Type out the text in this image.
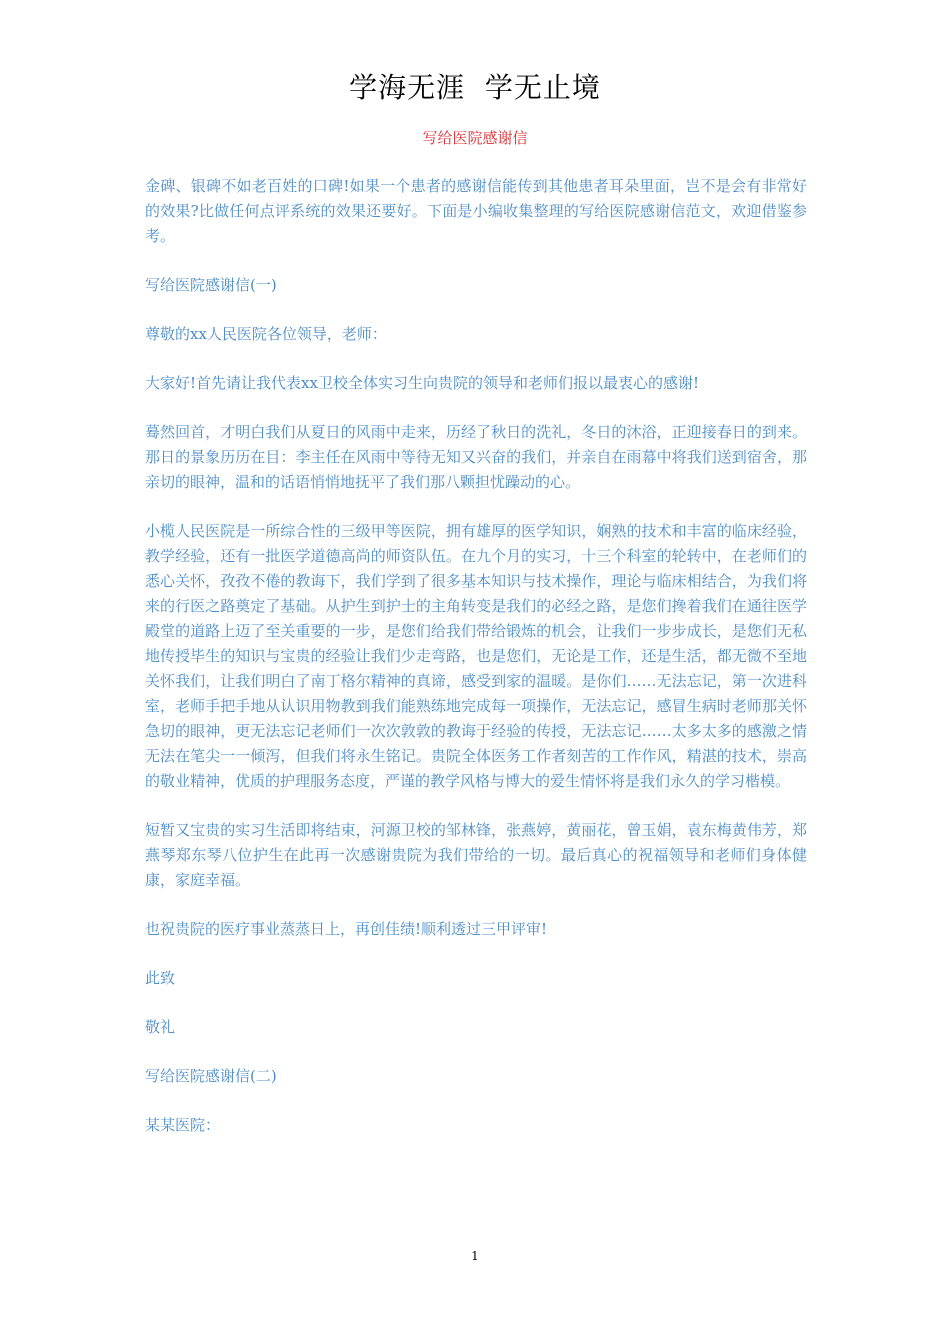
学海无涯  学无止境
写给医院感谢信

金碑、银碑不如老百姓的口碑!如果一个患者的感谢信能传到其他患者耳朵里面，岂不是会有非常好的效果?比做任何点评系统的效果还要好。下面是小编收集整理的写给医院感谢信范文，欢迎借鉴参考。

写给医院感谢信(一)

尊敬的xx人民医院各位领导，老师：

大家好!首先请让我代表xx卫校全体实习生向贵院的领导和老师们报以最衷心的感谢!

蓦然回首，才明白我们从夏日的风雨中走来，历经了秋日的洗礼，冬日的沐浴，正迎接春日的到来。那日的景象历历在目：李主任在风雨中等待无知又兴奋的我们，并亲自在雨幕中将我们送到宿舍，那亲切的眼神，温和的话语悄悄地抚平了我们那八颗担忧躁动的心。

小榄人民医院是一所综合性的三级甲等医院，拥有雄厚的医学知识，娴熟的技术和丰富的临床经验，教学经验，还有一批医学道德高尚的师资队伍。在九个月的实习，十三个科室的轮转中，在老师们的悉心关怀，孜孜不倦的教诲下，我们学到了很多基本知识与技术操作，理论与临床相结合，为我们将来的行医之路奠定了基础。从护生到护士的主角转变是我们的必经之路，是您们搀着我们在通往医学殿堂的道路上迈了至关重要的一步，是您们给我们带给锻炼的机会，让我们一步步成长，是您们无私地传授毕生的知识与宝贵的经验让我们少走弯路，也是您们，无论是工作，还是生活，都无微不至地关怀我们，让我们明白了南丁格尔精神的真谛，感受到家的温暖。是你们……无法忘记，第一次进科室，老师手把手地从认识用物教到我们能熟练地完成每一项操作，无法忘记，感冒生病时老师那关怀急切的眼神，更无法忘记老师们一次次敦敦的教诲于经验的传授，无法忘记……太多太多的感激之情无法在笔尖一一倾泻，但我们将永生铭记。贵院全体医务工作者刻苦的工作作风，精湛的技术，崇高的敬业精神，优质的护理服务态度，严谨的教学风格与博大的爱生情怀将是我们永久的学习楷模。

短暂又宝贵的实习生活即将结束，河源卫校的邹林锋，张燕婷，黄丽花，曾玉娟，袁东梅黄伟芳，郑燕琴郑东琴八位护生在此再一次感谢贵院为我们带给的一切。最后真心的祝福领导和老师们身体健康，家庭幸福。

也祝贵院的医疗事业蒸蒸日上，再创佳绩!顺利透过三甲评审!

此致

敬礼

写给医院感谢信(二)

某某医院：

1
